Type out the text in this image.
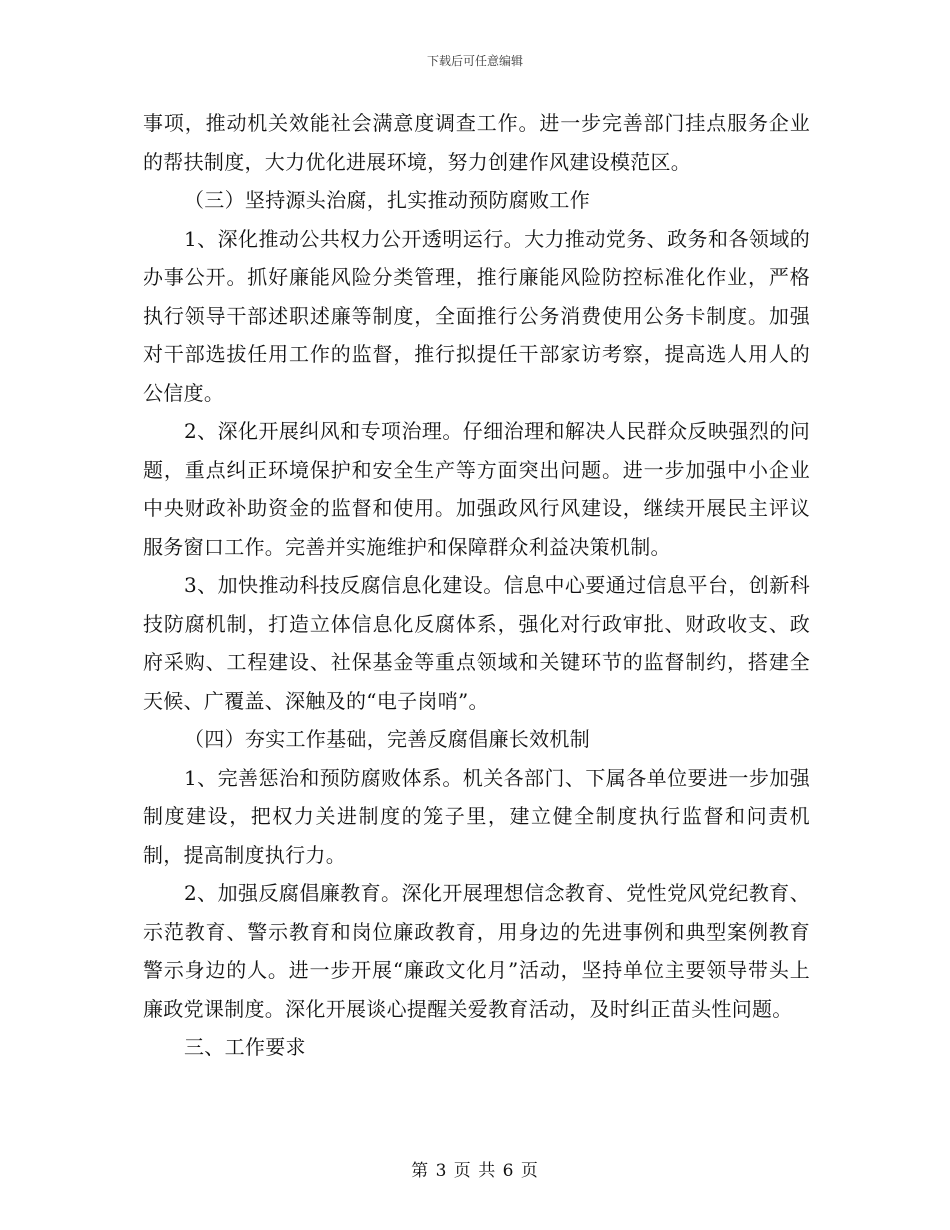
下载后可任意编辑

事项，推动机关效能社会满意度调查工作。进一步完善部门挂点服务企业的帮扶制度，大力优化进展环境，努力创建作风建设模范区。

（三）坚持源头治腐，扎实推动预防腐败工作

1、深化推动公共权力公开透明运行。大力推动党务、政务和各领域的办事公开。抓好廉能风险分类管理，推行廉能风险防控标准化作业，严格执行领导干部述职述廉等制度，全面推行公务消费使用公务卡制度。加强对干部选拔任用工作的监督，推行拟提任干部家访考察，提高选人用人的公信度。

2、深化开展纠风和专项治理。仔细治理和解决人民群众反映强烈的问题，重点纠正环境保护和安全生产等方面突出问题。进一步加强中小企业中央财政补助资金的监督和使用。加强政风行风建设，继续开展民主评议服务窗口工作。完善并实施维护和保障群众利益决策机制。

3、加快推动科技反腐信息化建设。信息中心要通过信息平台，创新科技防腐机制，打造立体信息化反腐体系，强化对行政审批、财政收支、政府采购、工程建设、社保基金等重点领域和关键环节的监督制约，搭建全天候、广覆盖、深触及的“电子岗哨”。

（四）夯实工作基础，完善反腐倡廉长效机制

1、完善惩治和预防腐败体系。机关各部门、下属各单位要进一步加强制度建设，把权力关进制度的笼子里，建立健全制度执行监督和问责机制，提高制度执行力。

2、加强反腐倡廉教育。深化开展理想信念教育、党性党风党纪教育、示范教育、警示教育和岗位廉政教育，用身边的先进事例和典型案例教育警示身边的人。进一步开展“廉政文化月”活动，坚持单位主要领导带头上廉政党课制度。深化开展谈心提醒关爱教育活动，及时纠正苗头性问题。

三、工作要求

第 3 页 共 6 页
